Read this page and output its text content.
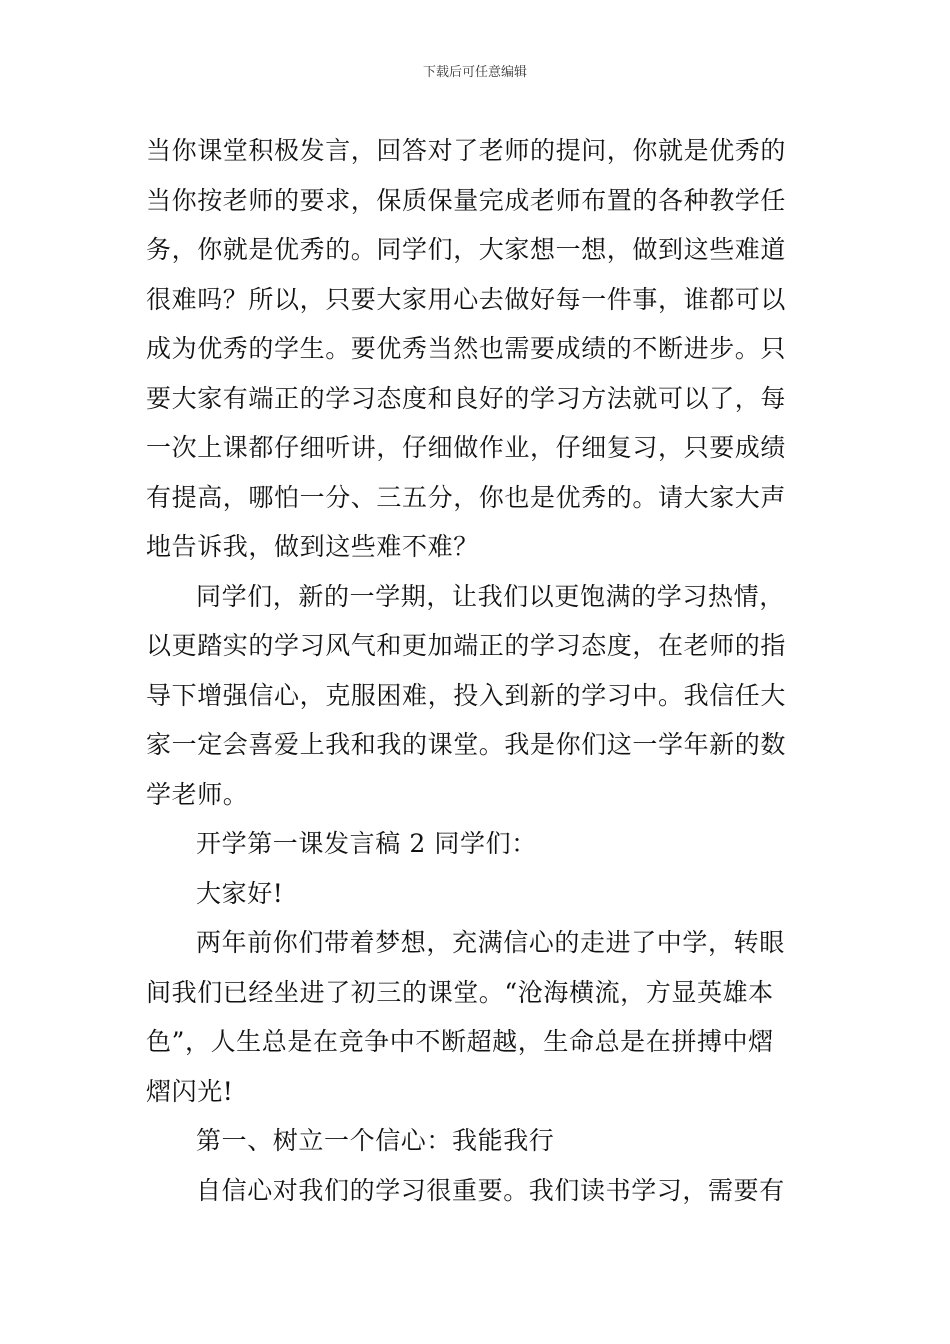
下载后可任意编辑
当你课堂积极发言，回答对了老师的提问，你就是优秀的
当你按老师的要求，保质保量完成老师布置的各种教学任
务，你就是优秀的。同学们，大家想一想，做到这些难道
很难吗？所以，只要大家用心去做好每一件事，谁都可以
成为优秀的学生。要优秀当然也需要成绩的不断进步。只
要大家有端正的学习态度和良好的学习方法就可以了，每
一次上课都仔细听讲，仔细做作业，仔细复习，只要成绩
有提高，哪怕一分、三五分，你也是优秀的。请大家大声
地告诉我，做到这些难不难？
同学们，新的一学期，让我们以更饱满的学习热情，
以更踏实的学习风气和更加端正的学习态度，在老师的指
导下增强信心，克服困难，投入到新的学习中。我信任大
家一定会喜爱上我和我的课堂。我是你们这一学年新的数
学老师。
开学第一课发言稿 2 同学们：
大家好!
两年前你们带着梦想，充满信心的走进了中学，转眼
间我们已经坐进了初三的课堂。“沧海横流，方显英雄本
色”，人生总是在竞争中不断超越，生命总是在拼搏中熠
熠闪光!
第一、树立一个信心：我能我行
自信心对我们的学习很重要。我们读书学习，需要有
